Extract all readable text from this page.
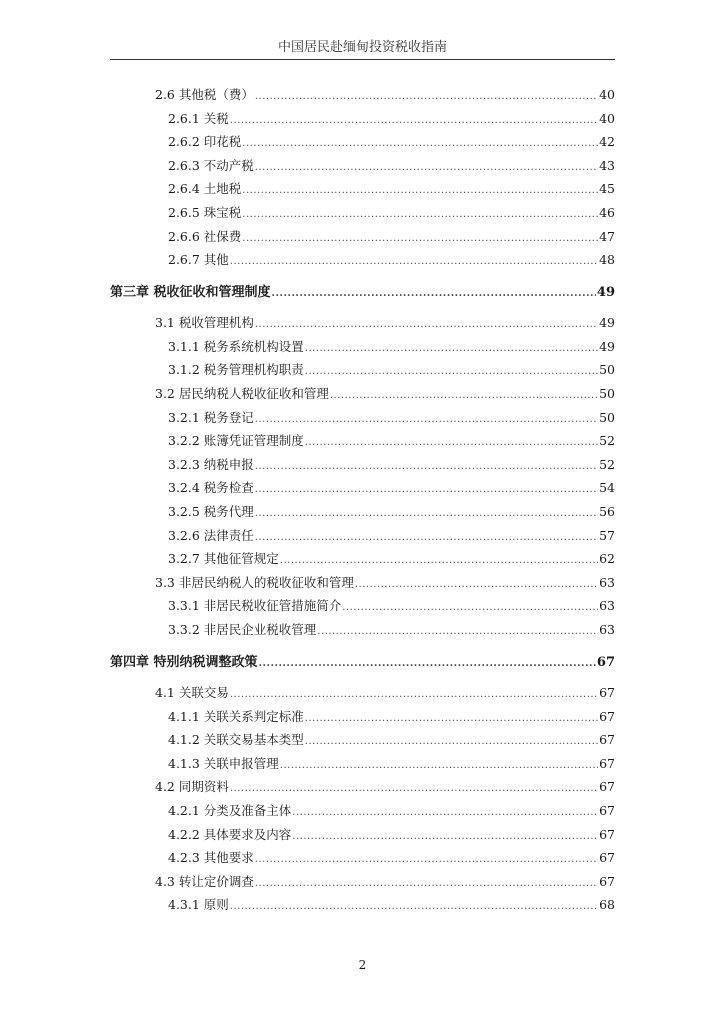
中国居民赴缅甸投资税收指南
2.6 其他税（费） .....	40
2.6.1 关税 .....	40
2.6.2 印花税 .....	42
2.6.3 不动产税 .....	43
2.6.4 土地税 .....	45
2.6.5 珠宝税 .....	46
2.6.6 社保费 .....	47
2.6.7 其他 .....	48
第三章 税收征收和管理制度 .....	49
3.1 税收管理机构 .....	49
3.1.1 税务系统机构设置 .....	49
3.1.2 税务管理机构职责 .....	50
3.2 居民纳税人税收征收和管理 .....	50
3.2.1 税务登记 .....	50
3.2.2 账簿凭证管理制度 .....	52
3.2.3 纳税申报 .....	52
3.2.4 税务检查 .....	54
3.2.5 税务代理 .....	56
3.2.6 法律责任 .....	57
3.2.7 其他征管规定 .....	62
3.3 非居民纳税人的税收征收和管理 .....	63
3.3.1 非居民税收征管措施简介 .....	63
3.3.2 非居民企业税收管理 .....	63
第四章 特别纳税调整政策 .....	67
4.1 关联交易 .....	67
4.1.1 关联关系判定标准 .....	67
4.1.2 关联交易基本类型 .....	67
4.1.3 关联申报管理 .....	67
4.2 同期资料 .....	67
4.2.1 分类及准备主体 .....	67
4.2.2 具体要求及内容 .....	67
4.2.3 其他要求 .....	67
4.3 转让定价调查 .....	67
4.3.1 原则 .....	68
2
